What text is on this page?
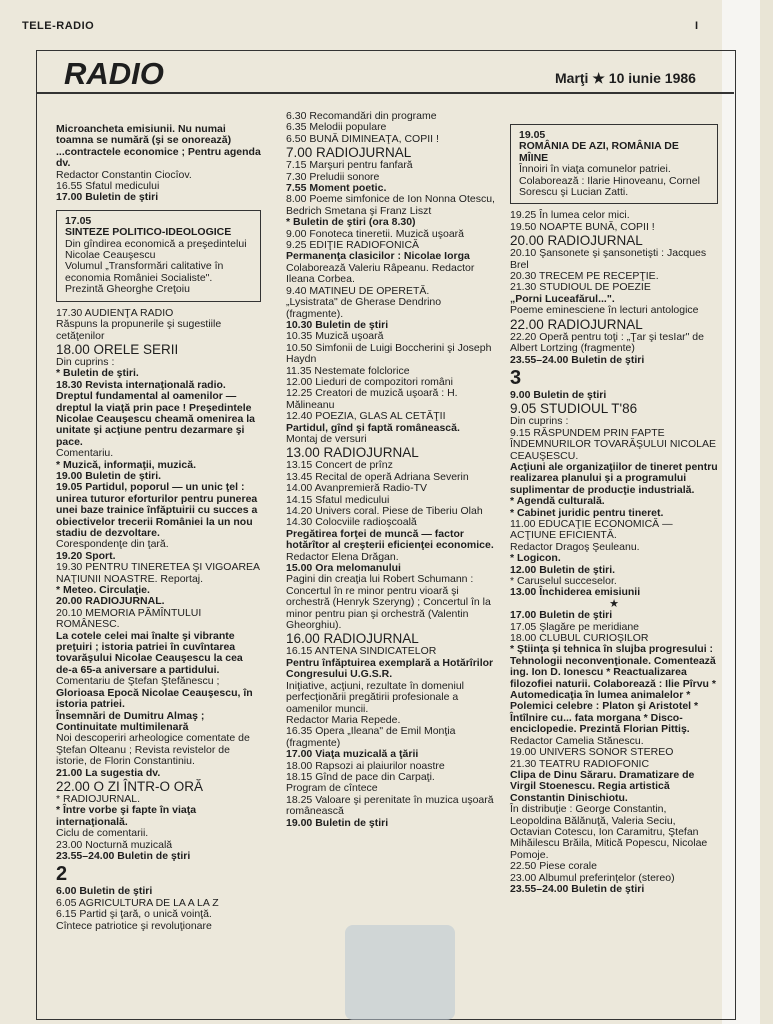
TELE-RADIO	I
RADIO	Marţi ★ 10 iunie 1986

Microancheta emisiunii. Nu numai toamna se numără (şi se onorează) ...contractele economice ; Pentru agenda dv.

Redactor Constantin Ciocîov.

16.55 Sfatul medicului

17.00 Buletin de ştiri

17.05

SINTEZE POLITICO-IDEOLOGICE

Din gîndirea economică a preşedintelui Nicolae Ceauşescu

Volumul „Transformări calitative în economia României Socialiste". Prezintă Gheorghe Creţoiu

17.30 AUDIENŢA RADIO

Răspuns la propunerile şi sugestiile cetăţenilor

18.00 ORELE SERII

Din cuprins :

* Buletin de ştiri.

18.30 Revista internaţională radio. Dreptul fundamental al oamenilor — dreptul la viaţă prin pace ! Preşedintele Nicolae Ceauşescu cheamă omenirea la unitate şi acţiune pentru dezarmare şi pace.

Comentariu.

* Muzică, informaţii, muzică.

19.00 Buletin de ştiri.

19.05 Partidul, poporul — un unic ţel : unirea tuturor eforturilor pentru punerea unei baze trainice înfăptuirii cu succes a obiectivelor trecerii României la un nou stadiu de dezvoltare.

Corespondenţe din ţară.

19.20 Sport.

19.30 PENTRU TINERETEA ŞI VIGOAREA NAŢIUNII NOASTRE. Reportaj.

* Meteo. Circulaţie.

20.00 RADIOJURNAL.

20.10 MEMORIA PĂMÎNTULUI ROMÂNESC.

La cotele celei mai înalte şi vibrante preţuiri ; istoria patriei în cuvîntarea tovarăşului Nicolae Ceauşescu la cea de-a 65-a aniversare a partidului.

Comentariu de Ştefan Ştefănescu ;

Glorioasa Epocă Nicolae Ceauşescu, în istoria patriei.

Însemnări de Dumitru Almaş ; Continuitate multimilenară

Noi descoperiri arheologice comentate de Ştefan Olteanu ; Revista revistelor de istorie, de Florin Constantiniu.

21.00 La sugestia dv.

22.00 O ZI ÎNTR-O ORĂ

* RADIOJURNAL.

* Între vorbe şi fapte în viaţa internaţională.

Ciclu de comentarii.

23.00 Nocturnă muzicală

23.55–24.00 Buletin de ştiri

2

6.00 Buletin de ştiri

6.05 AGRICULTURA DE LA A LA Z

6.15 Partid şi ţară, o unică voinţă.

Cîntece patriotice şi revoluţionare

6.30 Recomandări din programe

6.35 Melodii populare

6.50 BUNĂ DIMINEAŢA, COPII !

7.00 RADIOJURNAL

7.15 Marşuri pentru fanfară

7.30 Preludii sonore

7.55 Moment poetic.

8.00 Poeme simfonice de Ion Nonna Otescu, Bedrich Smetana şi Franz Liszt

* Buletin de ştiri (ora 8.30)

9.00 Fonoteca tineretii. Muzică uşoară

9.25 EDIŢIE RADIOFONICĂ

Permanenţa clasicilor : Nicolae Iorga

Colaborează Valeriu Râpeanu. Redactor Ileana Corbea.

9.40 MATINEU DE OPERETĂ.

„Lysistrata" de Gherase Dendrino (fragmente).

10.30 Buletin de ştiri

10.35 Muzică uşoară

10.50 Simfonii de Luigi Boccherini şi Joseph Haydn

11.35 Nestemate folclorice

12.00 Lieduri de compozitori români

12.25 Creatori de muzică uşoară : H. Mălineanu

12.40 POEZIA, GLAS AL CETĂŢII

Partidul, gînd şi faptă românească.

Montaj de versuri

13.00 RADIOJURNAL

13.15 Concert de prînz

13.45 Recital de operă Adriana Severin

14.00 Avanpremieră Radio-TV

14.15 Sfatul medicului

14.20 Univers coral. Piese de Tiberiu Olah

14.30 Colocviile radioşcoală

Pregătirea forţei de muncă — factor hotărîtor al creşterii eficienţei economice.

Redactor Elena Drăgan.

15.00 Ora melomanului

Pagini din creaţia lui Robert Schumann : Concertul în re minor pentru vioară şi orchestră (Henryk Szeryng) ; Concertul în la minor pentru pian şi orchestră (Valentin Gheorghiu).

16.00 RADIOJURNAL

16.15 ANTENA SINDICATELOR

Pentru înfăptuirea exemplară a Hotărîrilor Congresului U.G.S.R.

Iniţiative, acţiuni, rezultate în domeniul perfecţionării pregătirii profesionale a oamenilor muncii.

Redactor Maria Repede.

16.35 Opera „Ileana" de Emil Monţia (fragmente)

17.00 Viaţa muzicală a ţării

18.00 Rapsozi ai plaiurilor noastre

18.15 Gînd de pace din Carpaţi.

Program de cîntece

18.25 Valoare şi perenitate în muzica uşoară românească

19.00 Buletin de ştiri

19.05

ROMÂNIA DE AZI, ROMÂNIA DE MÎINE

Înnoiri în viaţa comunelor patriei.

Colaborează : Ilarie Hinoveanu, Cornel Sorescu şi Lucian Zatti.

19.25 În lumea celor mici.

19.50 NOAPTE BUNĂ, COPII !

20.00 RADIOJURNAL

20.10 Şansonete şi şansonetişti : Jacques Brel

20.30 TRECEM PE RECEPŢIE.

21.30 STUDIOUL DE POEZIE

„Porni Luceafărul...".

Poeme eminesciene în lecturi antologice

22.00 RADIOJURNAL

22.20 Operă pentru toţi : „Ţar şi tesIar" de Albert Lortzing (fragmente)

23.55–24.00 Buletin de ştiri

3

9.00 Buletin de ştiri

9.05 STUDIOUL T'86

Din cuprins :

9.15 RĂSPUNDEM PRIN FAPTE ÎNDEMNURILOR TOVARĂŞULUI NICOLAE CEAUŞESCU.

Acţiuni ale organizaţiilor de tineret pentru realizarea planului şi a programului suplimentar de producţie industrială.

* Agendă culturală.

* Cabinet juridic pentru tineret.

11.00 EDUCAŢIE ECONOMICĂ — ACŢIUNE EFICIENTĂ.

Redactor Dragoş Şeuleanu.

* Logicon.

12.00 Buletin de ştiri.

* Caruselul succeselor.

13.00 Închiderea emisiunii

★

17.00 Buletin de ştiri

17.05 Şlagăre pe meridiane

18.00 CLUBUL CURIOŞILOR

* Ştiinţa şi tehnica în slujba progresului : Tehnologii neconvenţionale. Comentează ing. Ion D. Ionescu * Reactualizarea filozofiei naturii. Colaborează : Ilie Pîrvu * Automedicaţia în lumea animalelor * Polemici celebre : Platon şi Aristotel * Întîlnire cu... fata morgana * Disco-enciclopedie. Prezintă Florian Pittiş.

Redactor Camelia Stănescu.

19.00 UNIVERS SONOR STEREO

21.30 TEATRU RADIOFONIC

Clipa de Dinu Săraru. Dramatizare de Virgil Stoenescu. Regia artistică Constantin Dinischiotu.

În distribuţie : George Constantin, Leopoldina Bălănuţă, Valeria Seciu, Octavian Cotescu, Ion Caramitru, Ştefan Mihăilescu Brăila, Mitică Popescu, Nicolae Pomoje.

22.50 Piese corale

23.00 Albumul preferinţelor (stereo)

23.55–24.00 Buletin de ştiri
